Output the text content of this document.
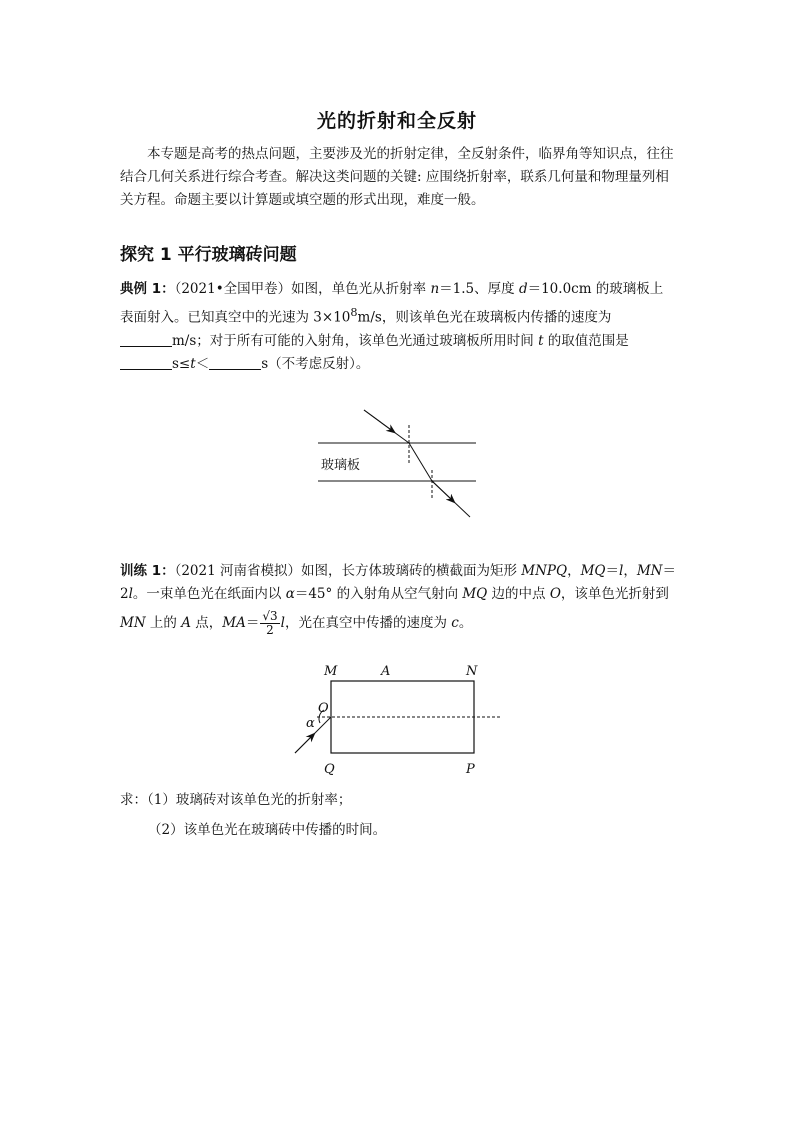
光的折射和全反射
本专题是高考的热点问题，主要涉及光的折射定律，全反射条件，临界角等知识点，往往结合几何关系进行综合考查。解决这类问题的关键: 应围绕折射率，联系几何量和物理量列相关方程。命题主要以计算题或填空题的形式出现，难度一般。
探究 1 平行玻璃砖问题
典例 1：（2021•全国甲卷）如图，单色光从折射率 n＝1.5、厚度 d＝10.0cm 的玻璃板上表面射入。已知真空中的光速为 $3\times 10^8m/s$，则该单色光在玻璃板内传播的速度为
m/s；对于所有可能的入射角，该单色光通过玻璃板所用时间 t 的取值范围是
s≤t＜	s（不考虑反射）。
玻璃板
M	A	N
O
α
Q	P
训练 1：（2021 河南省模拟）如图，长方体玻璃砖的横截面为矩形 MNPQ，MQ＝l，MN＝2l。一束单色光在纸面内以 α＝45° 的入射角从空气射向 MQ 边的中点 O，该单色光折射到
MN 上的 A 点，$MA= \frac{√3}{2}$ l，光在真空中传播的速度为 c。
求：（1）玻璃砖对该单色光的折射率；
（2）该单色光在玻璃砖中传播的时间。
